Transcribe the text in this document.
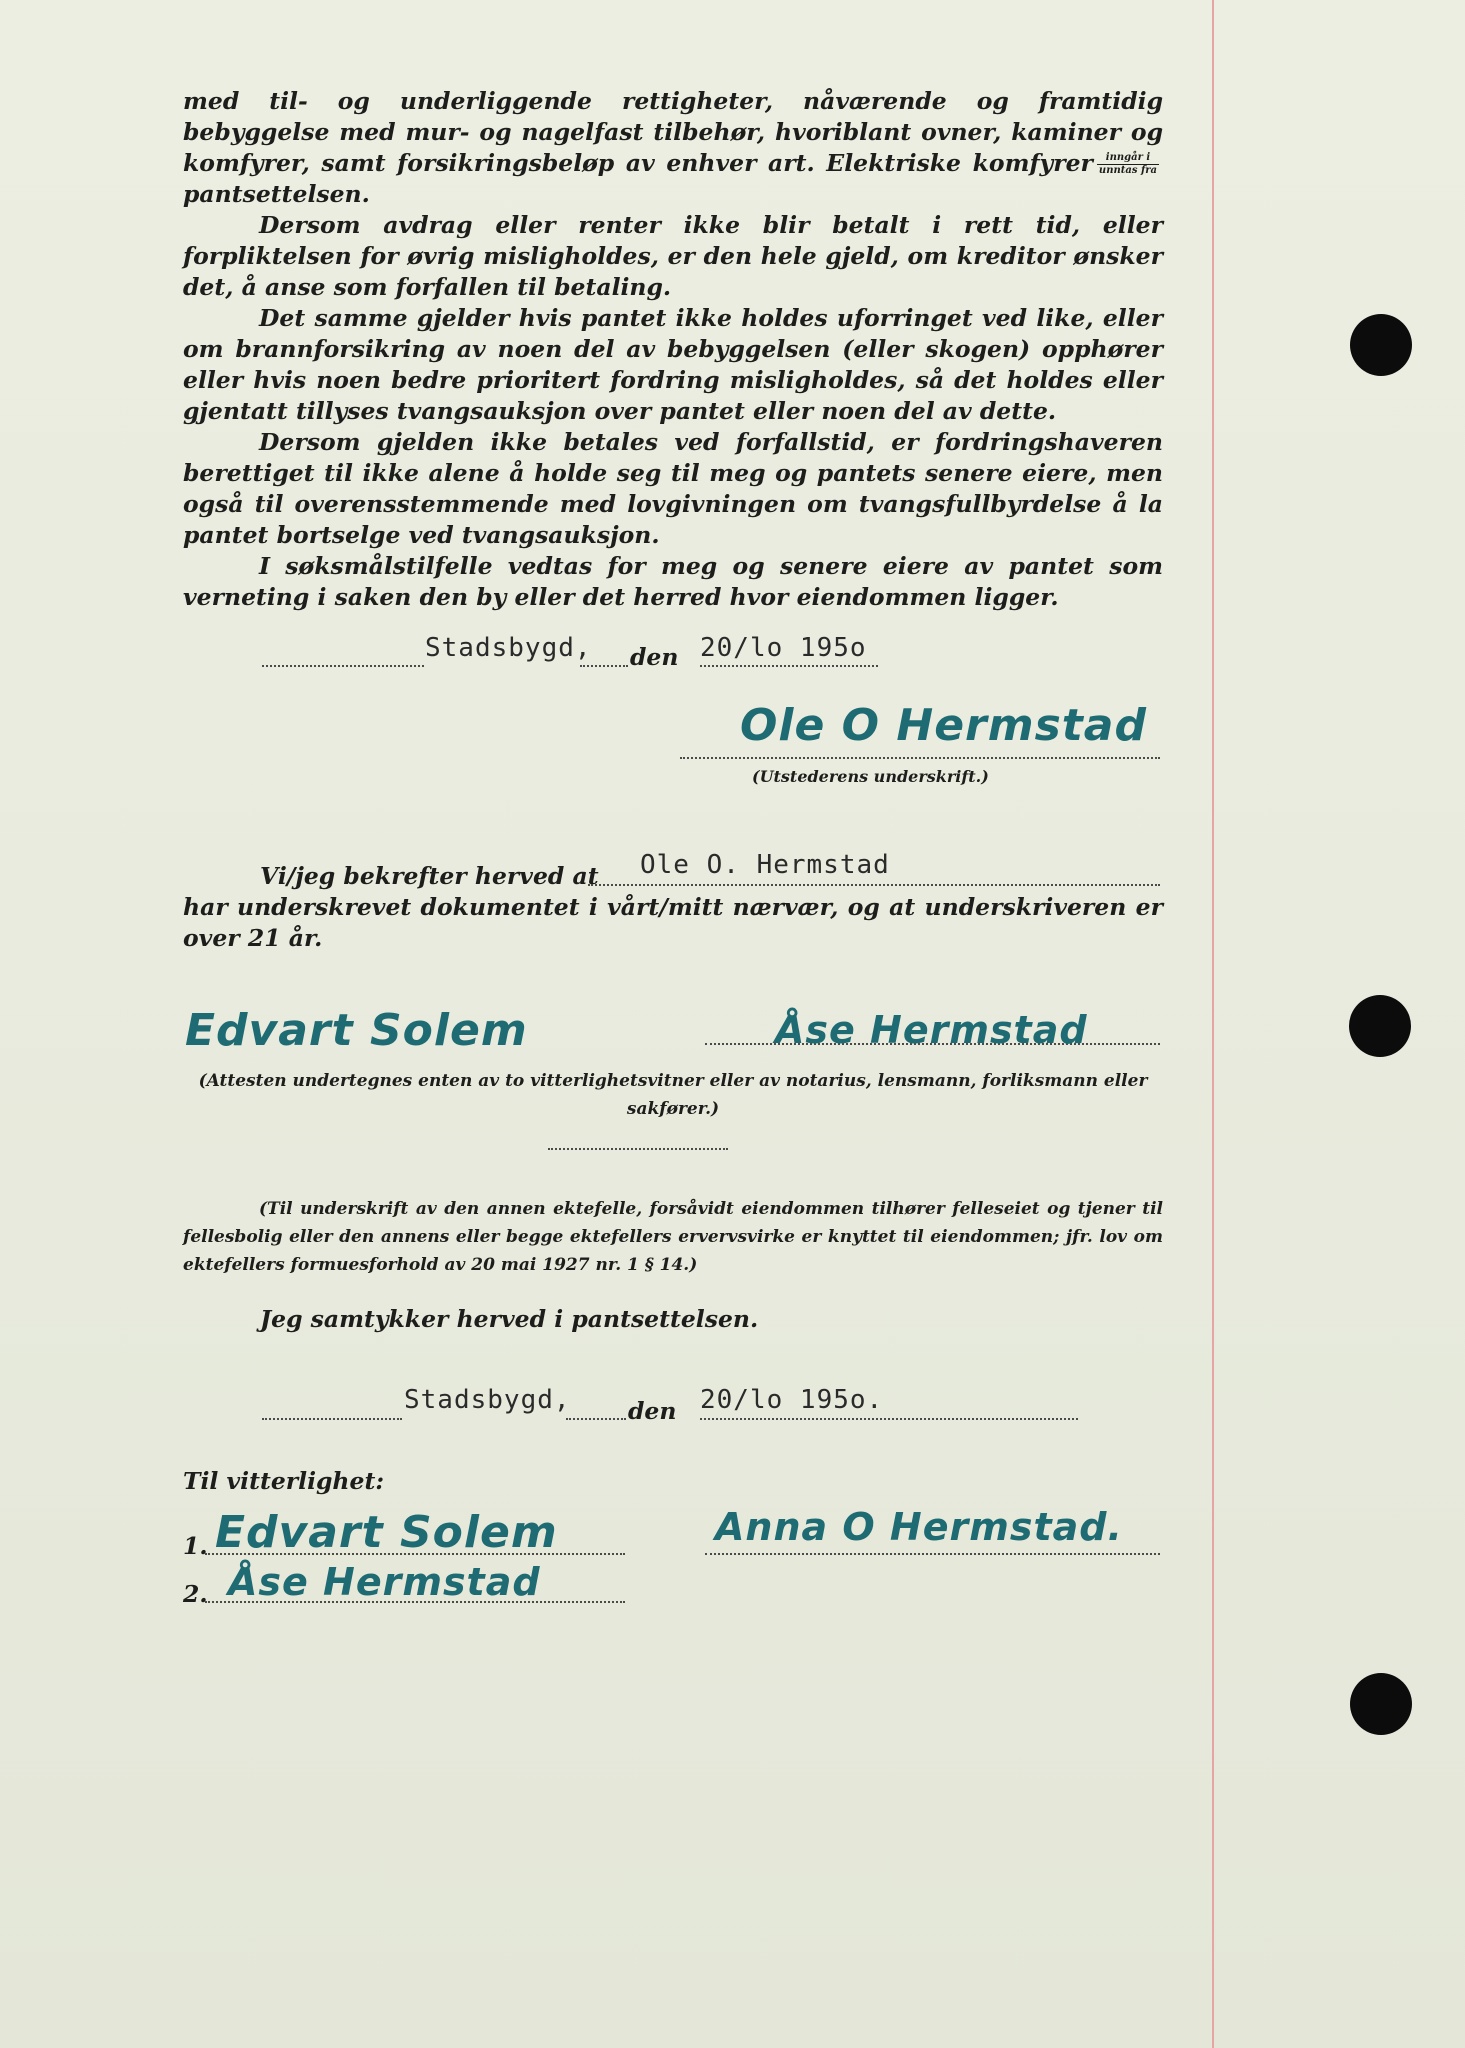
med til- og underliggende rettigheter, nåværende og framtidig bebyggelse med mur- og nagelfast tilbehør, hvoriblant ovner, kaminer og komfyrer, samt forsikringsbeløp av enhver art. Elektriske komfyrer $\frac{\text{inngår i}}{\text{unntas fra}}$
pantsettelsen.

Dersom avdrag eller renter ikke blir betalt i rett tid, eller forpliktelsen for øvrig misligholdes, er den hele gjeld, om kreditor ønsker det, å anse som forfallen til betaling.

Det samme gjelder hvis pantet ikke holdes uforringet ved like, eller om brannforsikring av noen del av bebyggelsen (eller skogen) opphører eller hvis noen bedre prioritert fordring misligholdes, så det holdes eller gjentatt tillyses tvangsauksjon over pantet eller noen del av dette.

Dersom gjelden ikke betales ved forfallstid, er fordringshaveren berettiget til ikke alene å holde seg til meg og pantets senere eiere, men også til overensstemmende med lovgivningen om tvangsfullbyrdelse å la pantet bortselge ved tvangsauksjon.

I søksmålstilfelle vedtas for meg og senere eiere av pantet som verneting i saken den by eller det herred hvor eiendommen ligger.

Stadsbygd, den 20/lo 195o
Ole O Hermstad
(Utstederens underskrift.)
Vi/jeg bekrefter herved at Ole O. Hermstad
har underskrevet dokumentet i vårt/mitt nærvær, og at underskriveren er over 21 år.
Edvart Solem	Åse Hermstad
(Attesten undertegnes enten av to vitterlighetsvitner eller av notarius, lensmann, forliksmann eller sakfører.)
(Til underskrift av den annen ektefelle, forsåvidt eiendommen tilhører felleseiet og tjener til fellesbolig eller den annens eller begge ektefellers ervervsvirke er knyttet til eiendommen; jfr. lov om ektefellers formuesforhold av 20 mai 1927 nr. 1 § 14.)
Jeg samtykker herved i pantsettelsen.
Stadsbygd, den 20/lo 195o.
Til vitterlighet:
1. Edvart Solem	Anna O Hermstad.
2. Åse Hermstad
